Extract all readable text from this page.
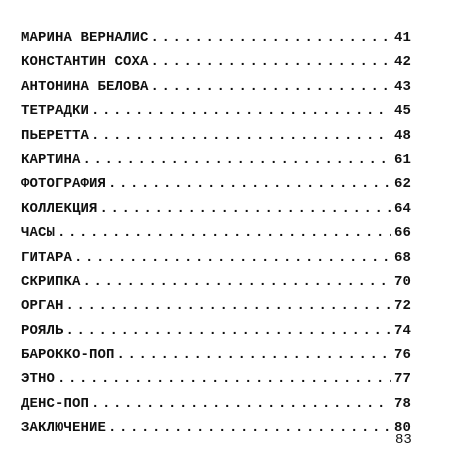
МАРИНА ВЕРНАЛИС .....	41
КОНСТАНТИН СОХА .....	42
АНТОНИНА БЕЛОВА .....	43
ТЕТРАДКИ .....	45
ПЬЕРЕТТА .....	48
КАРТИНА .....	61
ФОТОГРАФИЯ .....	62
КОЛЛЕКЦИЯ .....	64
ЧАСЫ .....	66
ГИТАРА .....	68
СКРИПКА .....	70
ОРГАН .....	72
РОЯЛЬ .....	74
БАРОККО-ПОП .....	76
ЭТНО .....	77
ДЕНС-ПОП .....	78
ЗАКЛЮЧЕНИЕ .....	80
83
